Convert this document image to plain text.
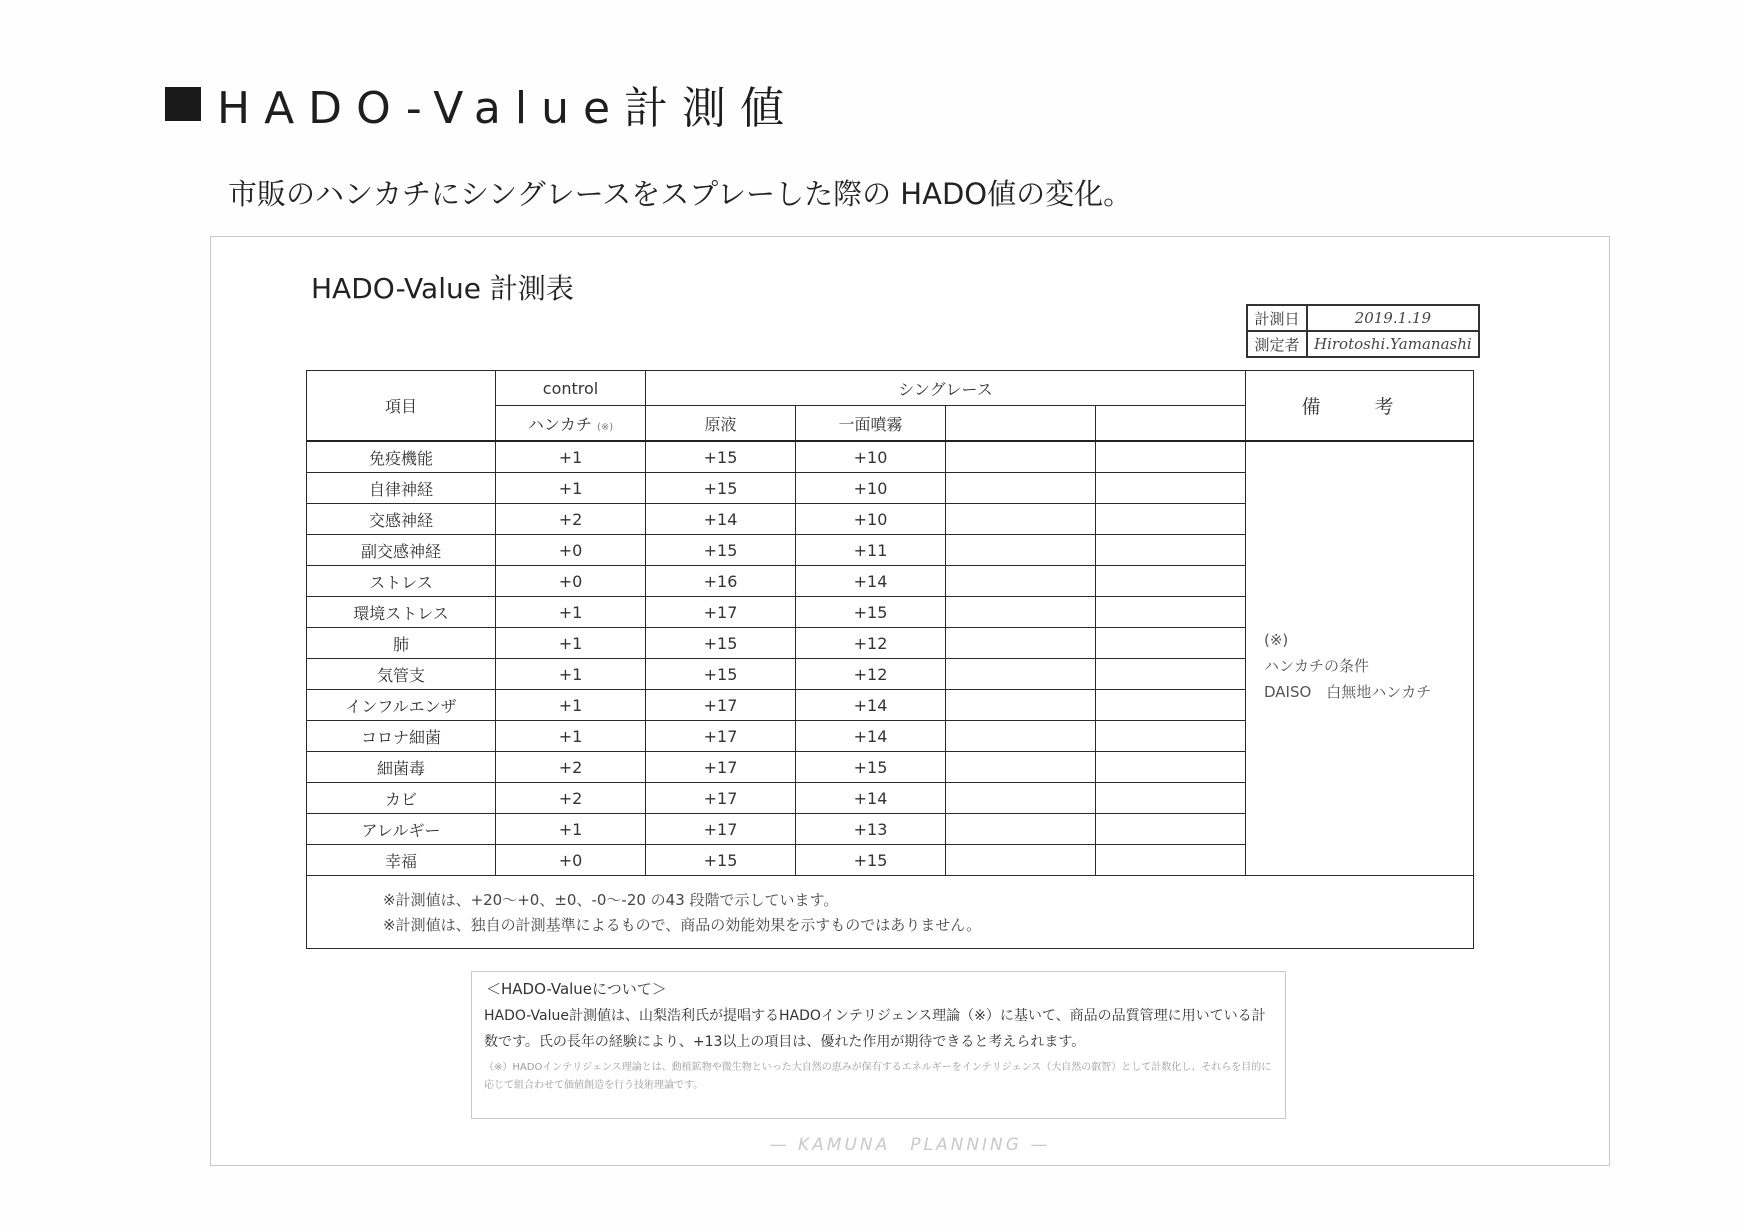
HADO-Value計測値
市販のハンカチにシングレースをスプレーした際の HADO値の変化。
HADO-Value 計測表
計測日	2019.1.19
測定者	Hirotoshi.Yamanashi
項目	control	シングレース				備 考
	ハンカチ (※)	原液	一面噴霧			
免疫機能	+1	+15	+10			(※)
ハンカチの条件
DAISO　白無地ハンカチ

自律神経	+1	+15	+10			
交感神経	+2	+14	+10			
副交感神経	+0	+15	+11			
ストレス	+0	+16	+14			
環境ストレス	+1	+17	+15			
肺	+1	+15	+12			
気管支	+1	+15	+12			
インフルエンザ	+1	+17	+14			
コロナ細菌	+1	+17	+14			
細菌毒	+2	+17	+15			
カビ	+2	+17	+14			
アレルギー	+1	+17	+13			
幸福	+0	+15	+15			

※計測値は、+20～+0、±0、-0～-20 の43 段階で示しています。
※計測値は、独自の計測基準によるもので、商品の効能効果を示すものではありません。						
＜HADO-Valueについて＞
HADO-Value計測値は、山梨浩利氏が提唱するHADOインテリジェンス理論（※）に基いて、商品の品質管理に用いている計数です。氏の長年の経験により、+13以上の項目は、優れた作用が期待できると考えられます。
（※）HADOインテリジェンス理論とは、動植鉱物や微生物といった大自然の恵みが保有するエネルギーをインテリジェンス（大自然の叡智）として計数化し、それらを目的に応じて組合わせて価値創造を行う技術理論です。
— KAMUNA　PLANNING —
